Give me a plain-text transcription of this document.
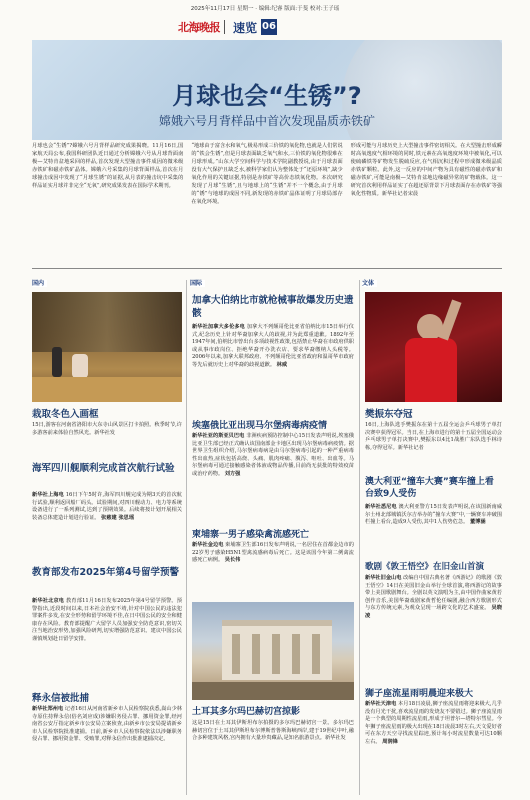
2025年11月17日 星期一 · 编辑:纪睿 版面:于斐 校对:王子瑶
北海晚报 速览 06
月球也会“生锈”?
嫦娥六号月背样品中首次发现晶质赤铁矿
月球也会“生锈”?嫦娥六号月背样品研究成果揭晓。11月16日,国家航天局公布,我国科研团队近日通过分析嫦娥六号从月球背面南极—艾特肯盆地采回的样品,首次发现大型撞击事件成因的微米级赤铁矿和磁赤铁矿晶体。嫦娥六号采集的月球背面样品,首次在月球撞击成因中发现了“月球生锈”的证据,从月表的撞击坑中采集的样品证实月球并非完全“无氧”,研究成果发表在国际学术期刊。
“地球由于富含水和氧气,极易形成三价铁的氧化物,也就是人们常说的“铁会生锈”,但是月球表面缺乏氧气和水,三价铁的氧化物很难在月球形成。”山东大学空间科学与技术学院副教授说,由于月球表面没有大气保护且缺乏水,被科学家们认为整体处于“还原环境”,缺少氧化作用的关键证据,特别是赤铁矿等高价态铁氧化物。本次研究发现了月球“生锈”,且与地球上的“生锈”并不一个概念,由于月球的“锈”与地球的成因不同,新发现的赤铁矿晶体证明了月球局部存在氧化环境。
形成可能与月球历史上大型撞击事件密切相关。在大型撞击形成瞬时高氧逸度气相环境的同时,铁元素在高氧逸度环境中被氧化,可以使硫磷铁等矿物发生脱硫反应,在气相沉积过程中形成微米级晶质赤铁矿颗粒。此外,这一反应的中间产物为具有磁性的磁赤铁矿和磁赤铁矿,可能是南极—艾特肯盆地边缘磁异常的矿物载体。这一研究首次利用样品证实了在超还原背景下月球表面存在赤铁矿等强氧化性物质。新华社记者宋晨
国内	国际	文体
栽取冬色入画框
15日,游客在河南省洛阳市大东寺山风景区打卡拍照。秋季时节,许多游客前来体验自然风光。新华社发
海军四川舰顺利完成首次航行试验
新华社上海电 16日下午5时许,海军四川舰完成为期3天的首次航行试验,顺利返回船厂码头。试验期间,对四川舰动力、电力等系统设备进行了一系列测试,达到了预期效果。后续将按计划开展相关装备总体建造计划进行验证。 张慈建 张思瑶
教育部发布2025年第4号留学预警
新华社北京电 教育部11月16日发布2025年第4号留学预警。预警指出,近段时间以来,日本社会治安不靖,针对中国公民的违法犯罪案件多发,在安全形势和留学环境不佳,在日中国公民的安全和健康存在风险。教育部提醒广大留学人员加强安全防范意识,密切关注当地治安形势,加强风险研判,切实增强防范意识。建议中国公民谨慎规划赴日留学安排。
释永信被批捕
新华社郑州电 记者16日从河南省新乡市人民检察院获悉,嵩山少林寺原住持释永信(俗名刘应成)涉嫌职务侵占罪、挪用资金罪,经河南省公安厅指定新乡市公安局立案侦查,由新乡市公安局提请新乡市人民检察院批准逮捕。日前,新乡市人民检察院依法以涉嫌职务侵占罪、挪用资金罪、受贿罪,对释永信作出批准逮捕决定。
加拿大伯纳比市就枪械事故爆发历史遗骸
新华社加拿大多伦多电 加拿大不列颠哥伦比亚省伯纳比市15日举行仪式,纪念历史上针对华裔加拿大人的歧视,并为此郑重道歉。1892年至1947年间,伯纳比市曾出台多项歧视性政策,包括禁止华裔在市政府供职或从事市政岗位、拒绝华裔开办洗衣店、要求华裔缴纳人头税等。2006年以来,加拿大联邦政府、不列颠哥伦比亚省政府和温哥华市政府等先后就历史上对华裔的歧视道歉。 林威
埃塞俄比亚出现马尔堡病毒病疫情
新华社亚的斯亚贝巴电 非洲疾病预防控制中心15日发表声明说,埃塞俄比亚卫生部已经正式确认该国南部金卡地区出现马尔堡病毒病疫情。据世界卫生组织介绍,马尔堡病毒病是由马尔堡病毒引起的一种严重病毒性出血热,症状包括高烧、头痛、肌肉疼痛、腹泻、呕吐、出血等。马尔堡病毒可通过接触感染者体液或物品传播,目前尚无获批的特效疫苗或治疗药物。 刘方强
柬埔寨一男子感染禽流感死亡
新华社金边电 柬埔寨卫生部16日发布声明说,一名居住在首都金边市的22岁男子感染H5N1型禽流感病毒后死亡。这是该国今年第二例禽流感死亡病例。 吴长伟
土耳其多尔玛巴赫切宫掠影
这是15日在土耳其伊斯坦布尔拍摄的多尔玛巴赫切宫一景。多尔玛巴赫切宫位于土耳其伊斯坦布尔博斯普鲁斯海峡西岸,建于19世纪中叶,融合多种建筑风格,宫内拥有大量珍贵藏品,是知名旅游景点。新华社发
樊振东夺冠
16日,上海队选手樊振东在第十五届全运会乒乓球男子单打决赛中获得冠军。当日,在上海市进行的第十五届全国运动会乒乓球男子单打决赛中,樊振东以4比1战胜广东队选手林诗栋,夺得冠军。新华社记者
澳大利亚“撞车大赛”赛车撞上看台致9人受伤
新华社悉尼电 澳大利亚警方15日发表声明说,在该国新南威尔士州北部城镇沃尔吉举办的“撞车大赛”中,一辆赛车冲破围栏撞上看台,造成9人受伤,其中1人伤势危急。 董博涵
歌剧《敦王悟空》在旧金山首演
新华社旧金山电 改编自中国古典名著《西游记》的歌剧《敦王悟空》14日在美国旧金山举行全球首演,将西游记的故事带上美国歌剧舞台。全剧以英文演唱为主,由中国作曲家黄若创作音乐,美国华裔戏剧家黄哲伦任编剧,融合西方歌剧形式与东方传统元素,为观众呈现一场跨文化的艺术盛宴。 吴晓凌
狮子座流星雨明晨迎来极大
新华社天津电 本月18日凌晨,狮子座流星雨将迎来极大,几乎没有月光干扰,喜欢流星雨的发烧友不要错过。狮子座流星雨是一个典型的周期性流星雨,形成于坦普尔—塔特尔彗星。今年狮子座流星雨的极大出现在18日凌晨3时左右,天文爱好者可在东方天空寻找流星踪迹,预计每小时流星数量可达10颗左右。 周润锋
